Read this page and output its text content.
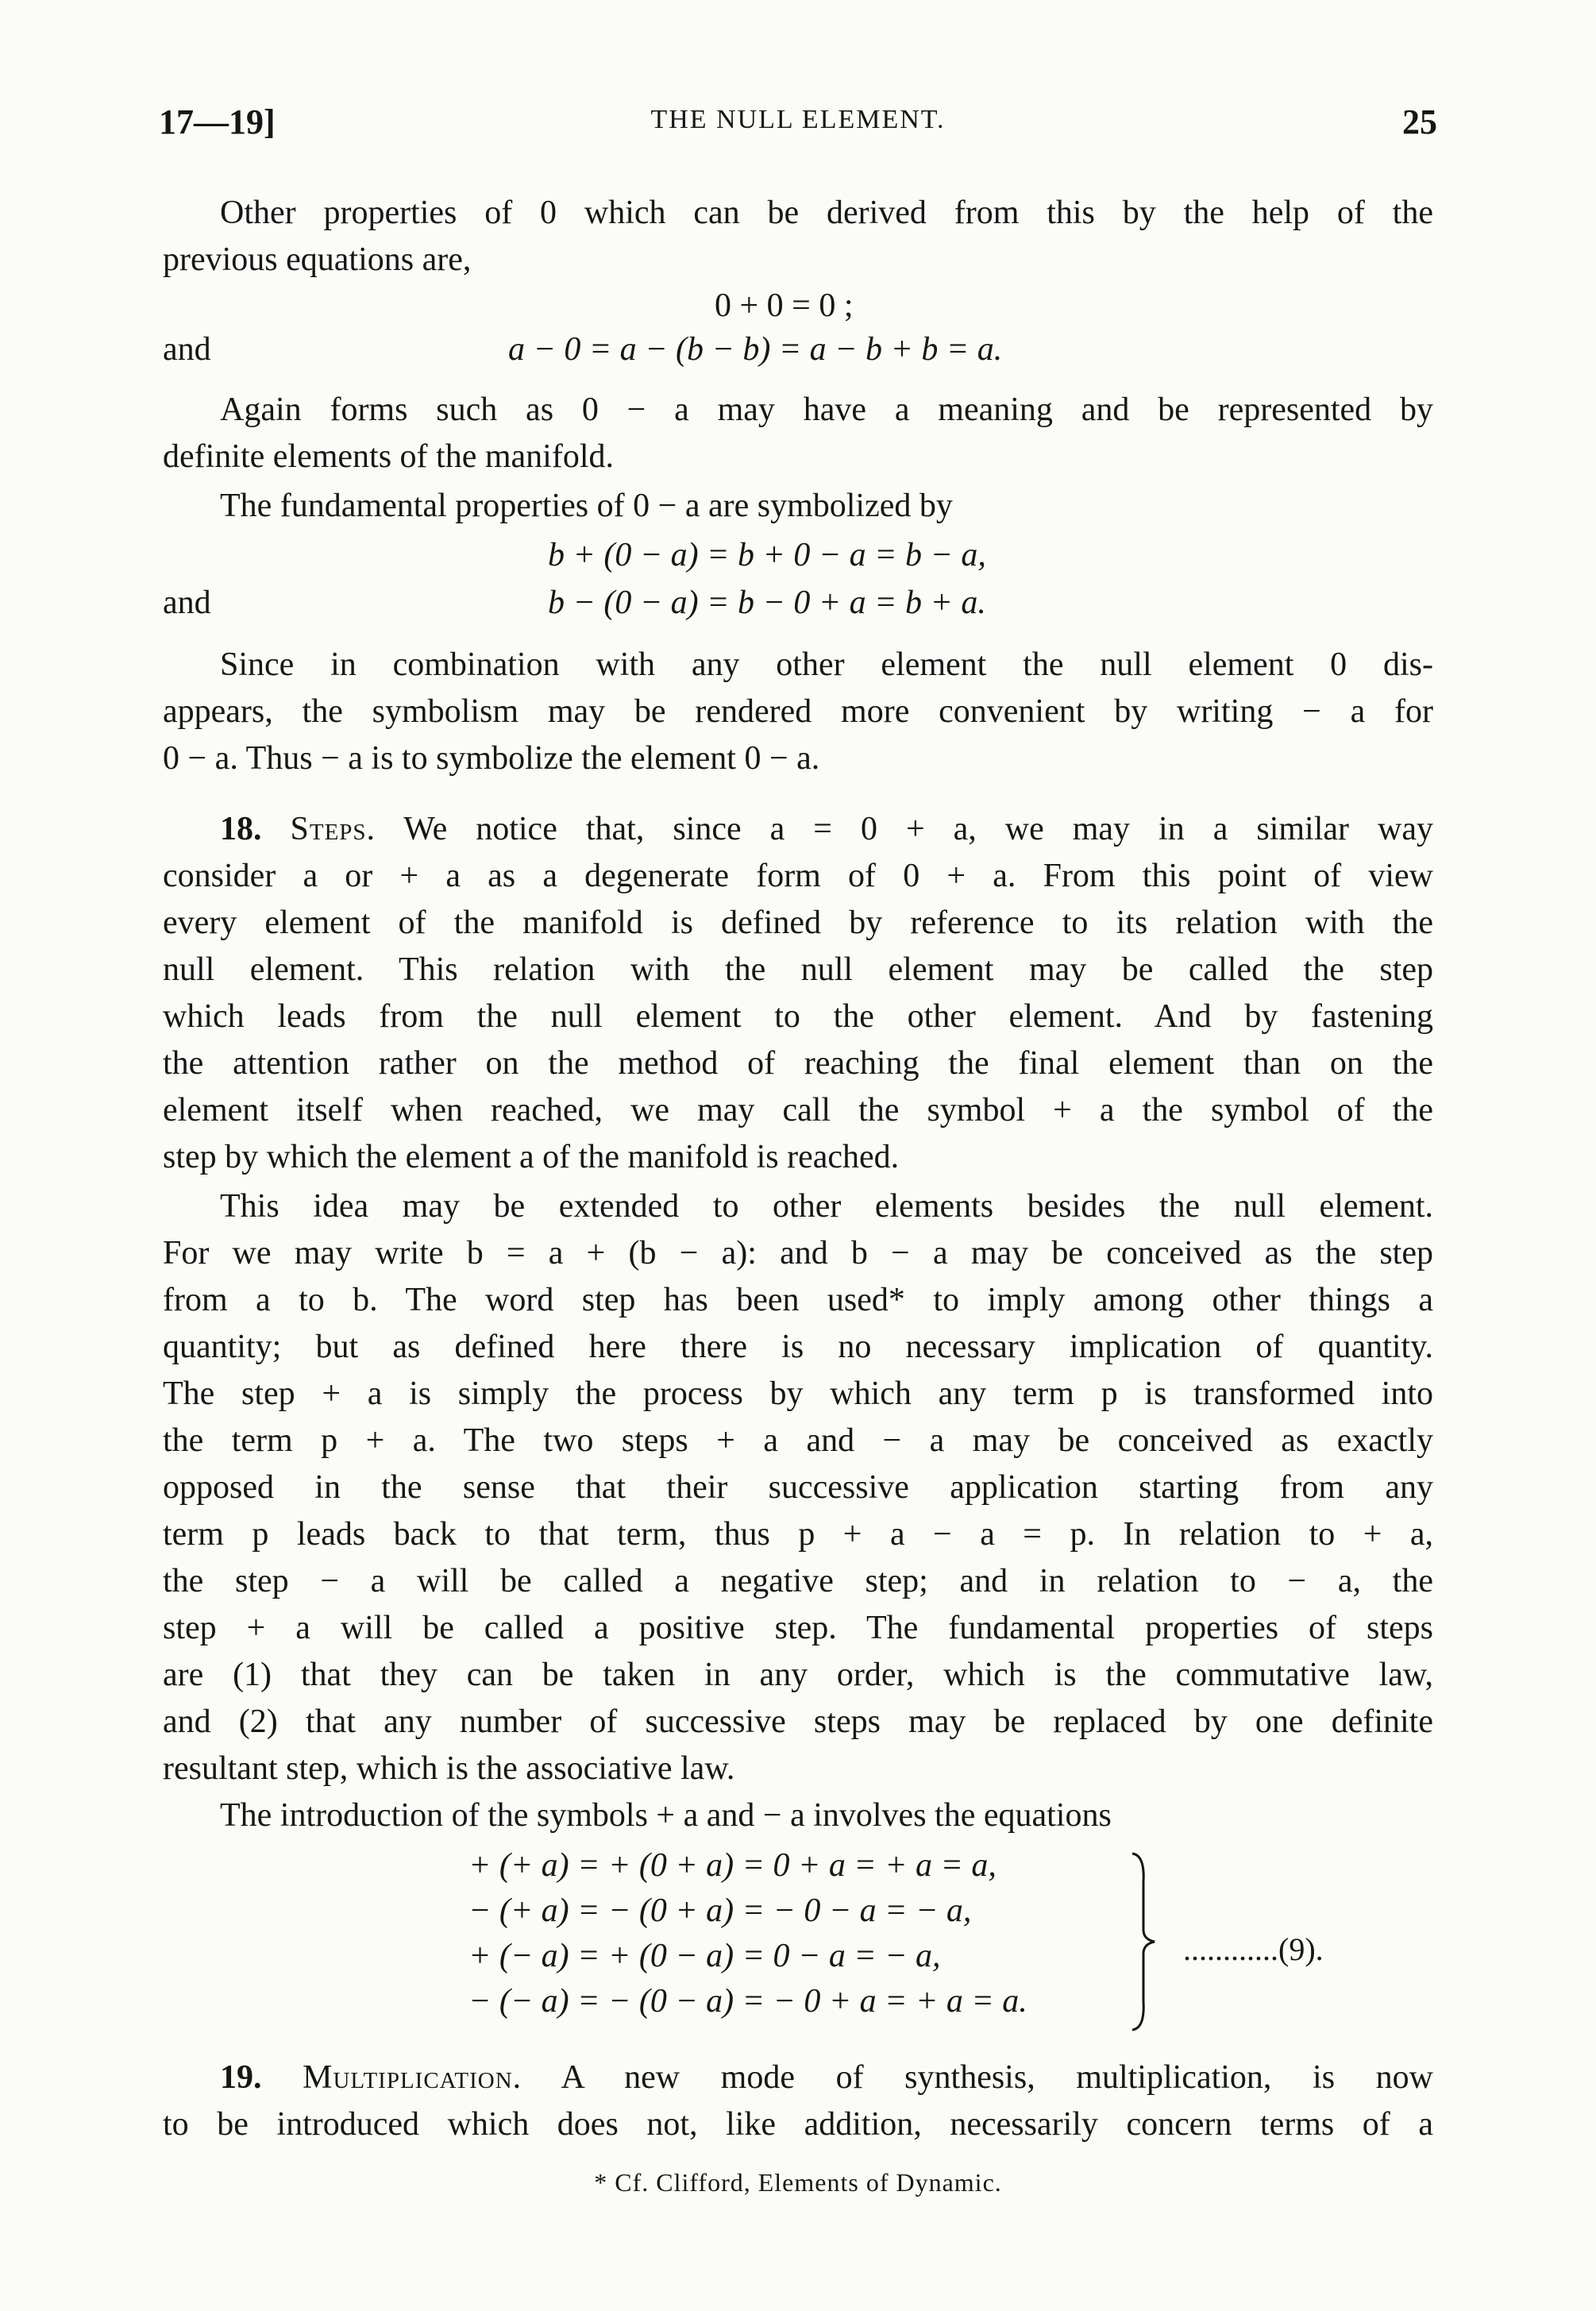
17—19]	THE NULL ELEMENT.	25
Other properties of 0 which can be derived from this by the help of the
previous equations are,
0 + 0 = 0 ;
and	a − 0 = a − (b − b) = a − b + b = a.
Again forms such as 0 − a may have a meaning and be represented by
definite elements of the manifold.
The fundamental properties of 0 − a are symbolized by
b + (0 − a) = b + 0 − a = b − a,
and	b − (0 − a) = b − 0 + a = b + a.
Since in combination with any other element the null element 0 dis-
appears, the symbolism may be rendered more convenient by writing − a for
0 − a. Thus − a is to symbolize the element 0 − a.
18. Steps. We notice that, since a = 0 + a, we may in a similar way
consider a or + a as a degenerate form of 0 + a. From this point of view
every element of the manifold is defined by reference to its relation with the
null element. This relation with the null element may be called the step
which leads from the null element to the other element. And by fastening
the attention rather on the method of reaching the final element than on the
element itself when reached, we may call the symbol + a the symbol of the
step by which the element a of the manifold is reached.
This idea may be extended to other elements besides the null element.
For we may write b = a + (b − a): and b − a may be conceived as the step
from a to b. The word step has been used* to imply among other things a
quantity; but as defined here there is no necessary implication of quantity.
The step + a is simply the process by which any term p is transformed into
the term p + a. The two steps + a and − a may be conceived as exactly
opposed in the sense that their successive application starting from any
term p leads back to that term, thus p + a − a = p. In relation to + a,
the step − a will be called a negative step; and in relation to − a, the
step + a will be called a positive step. The fundamental properties of steps
are (1) that they can be taken in any order, which is the commutative law,
and (2) that any number of successive steps may be replaced by one definite
resultant step, which is the associative law.
The introduction of the symbols + a and − a involves the equations
+ (+ a) = + (0 + a) = 0 + a = + a = a,
− (+ a) = − (0 + a) = − 0 − a = − a,
+ (− a) = + (0 − a) = 0 − a = − a,
− (− a) = − (0 − a) = − 0 + a = + a = a.
............(9).
19. Multiplication. A new mode of synthesis, multiplication, is now
to be introduced which does not, like addition, necessarily concern terms of a
* Cf. Clifford, Elements of Dynamic.
